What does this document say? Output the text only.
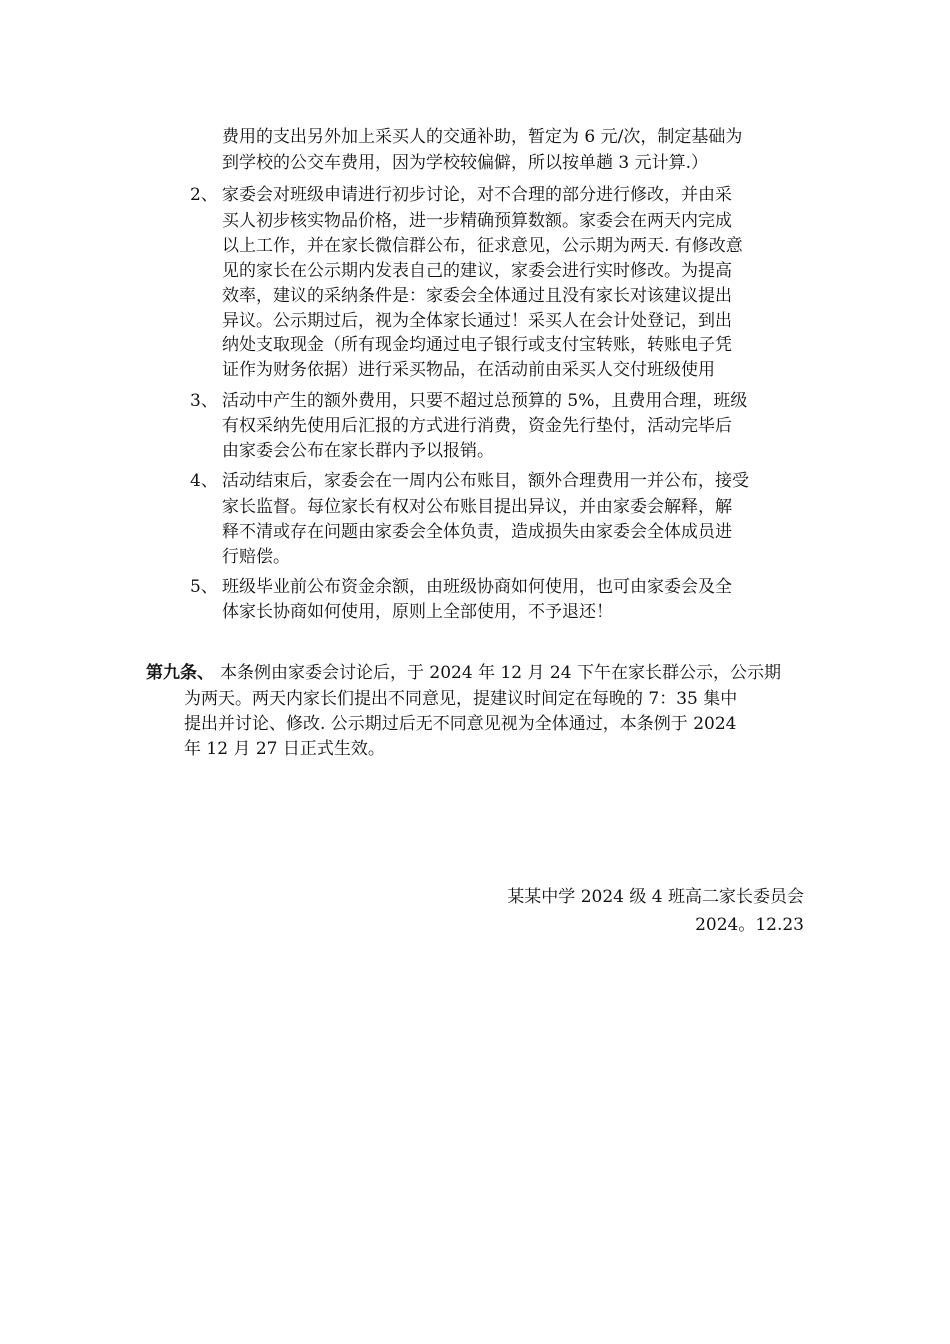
费用的支出另外加上采买人的交通补助，暂定为 6 元/次，制定基础为
到学校的公交车费用，因为学校较偏僻，所以按单趟 3 元计算.）
2、 家委会对班级申请进行初步讨论，对不合理的部分进行修改，并由采
买人初步核实物品价格，进一步精确预算数额。家委会在两天内完成
以上工作，并在家长微信群公布，征求意见，公示期为两天. 有修改意
见的家长在公示期内发表自己的建议，家委会进行实时修改。为提高
效率，建议的采纳条件是：家委会全体通过且没有家长对该建议提出
异议。公示期过后，视为全体家长通过！采买人在会计处登记，到出
纳处支取现金（所有现金均通过电子银行或支付宝转账，转账电子凭
证作为财务依据）进行采买物品，在活动前由采买人交付班级使用
3、 活动中产生的额外费用，只要不超过总预算的 5%，且费用合理，班级
有权采纳先使用后汇报的方式进行消费，资金先行垫付，活动完毕后
由家委会公布在家长群内予以报销。
4、 活动结束后，家委会在一周内公布账目，额外合理费用一并公布，接受
家长监督。每位家长有权对公布账目提出异议，并由家委会解释，解
释不清或存在问题由家委会全体负责，造成损失由家委会全体成员进
行赔偿。
5、 班级毕业前公布资金余额，由班级协商如何使用，也可由家委会及全
体家长协商如何使用，原则上全部使用，不予退还！
第九条、 本条例由家委会讨论后，于 2024 年 12 月 24 下午在家长群公示，公示期
为两天。两天内家长们提出不同意见，提建议时间定在每晚的 7：35 集中
提出并讨论、修改. 公示期过后无不同意见视为全体通过，本条例于 2024
年 12 月 27 日正式生效。
某某中学 2024 级 4 班高二家长委员会
2024。12.23
